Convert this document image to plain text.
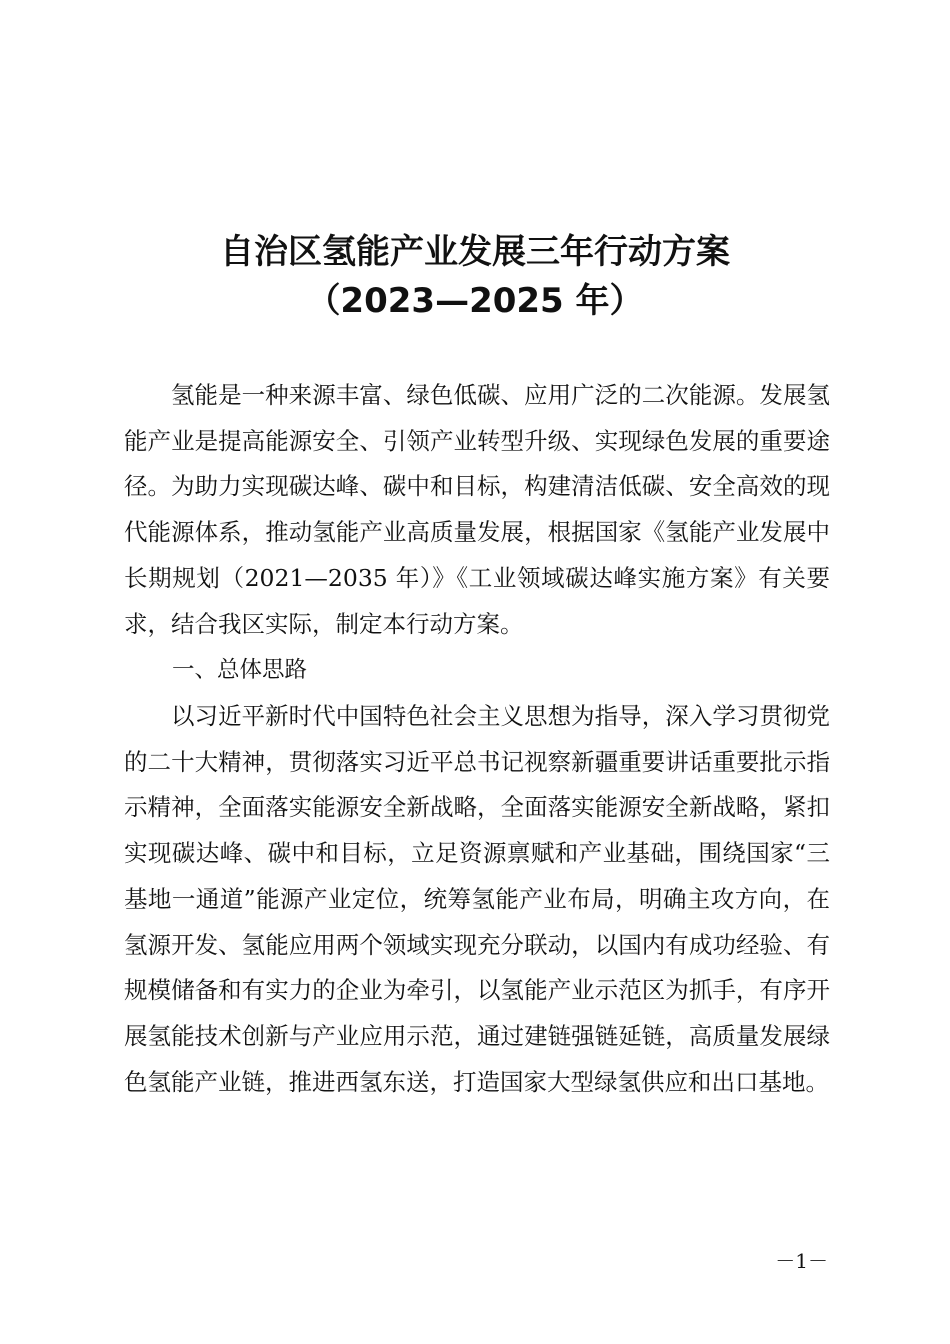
自治区氢能产业发展三年行动方案
（2023—2025 年）

氢能是一种来源丰富、绿色低碳、应用广泛的二次能源。发展氢能产业是提高能源安全、引领产业转型升级、实现绿色发展的重要途径。为助力实现碳达峰、碳中和目标，构建清洁低碳、安全高效的现代能源体系，推动氢能产业高质量发展，根据国家《氢能产业发展中长期规划（2021—2035 年）》《工业领域碳达峰实施方案》有关要求，结合我区实际，制定本行动方案。

一、总体思路

以习近平新时代中国特色社会主义思想为指导，深入学习贯彻党的二十大精神，贯彻落实习近平总书记视察新疆重要讲话重要批示指示精神，全面落实能源安全新战略，全面落实能源安全新战略，紧扣实现碳达峰、碳中和目标，立足资源禀赋和产业基础，围绕国家“三基地一通道”能源产业定位，统筹氢能产业布局，明确主攻方向，在氢源开发、氢能应用两个领域实现充分联动，以国内有成功经验、有规模储备和有实力的企业为牵引，以氢能产业示范区为抓手，有序开展氢能技术创新与产业应用示范，通过建链强链延链，高质量发展绿色氢能产业链，推进西氢东送，打造国家大型绿氢供应和出口基地。

－1－
